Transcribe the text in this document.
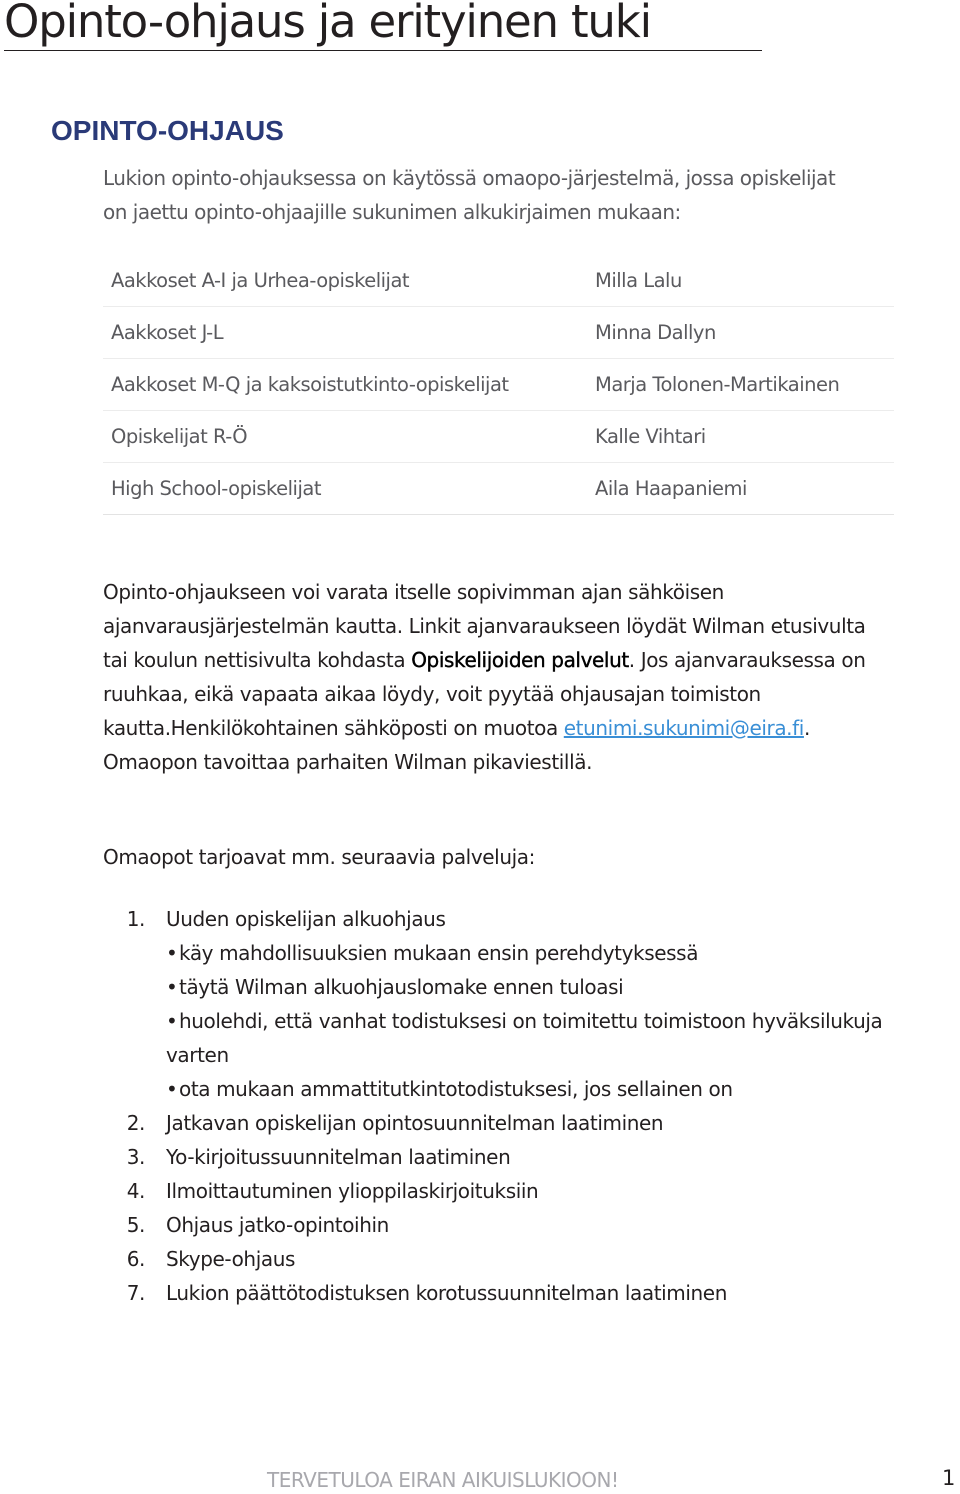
Opinto-ohjaus ja erityinen tuki
OPINTO-OHJAUS

Lukion opinto-ohjauksessa on käytössä omaopo-järjestelmä, jossa opiskelijat on jaettu opinto-ohjaajille sukunimen alkukirjaimen mukaan:

Aakkoset A-I ja Urhea-opiskelijat	Milla Lalu
Aakkoset J-L	Minna Dallyn
Aakkoset M-Q ja kaksoistutkinto-opiskelijat	Marja Tolonen-Martikainen
Opiskelijat R-Ö	Kalle Vihtari
High School-opiskelijat	Aila Haapaniemi

Opinto-ohjaukseen voi varata itselle sopivimman ajan sähköisen ajanvarausjärjestelmän kautta. Linkit ajanvaraukseen löydät Wilman etusivulta tai koulun nettisivulta kohdasta Opiskelijoiden palvelut. Jos ajanvarauksessa on ruuhkaa, eikä vapaata aikaa löydy, voit pyytää ohjausajan toimiston kautta.Henkilökohtainen sähköposti on muotoa etunimi.sukunimi@eira.fi. Omaopon tavoittaa parhaiten Wilman pikaviestillä.

Omaopot tarjoavat mm. seuraavia palveluja:

1. Uuden opiskelijan alkuohjaus
•käy mahdollisuuksien mukaan ensin perehdytyksessä
•täytä Wilman alkuohjauslomake ennen tuloasi
•huolehdi, että vanhat todistuksesi on toimitettu toimistoon hyväksilukuja varten
•ota mukaan ammattitutkintotodistuksesi, jos sellainen on
2. Jatkavan opiskelijan opintosuunnitelman laatiminen
3. Yo-kirjoitussuunnitelman laatiminen
4. Ilmoittautuminen ylioppilaskirjoituksiin
5. Ohjaus jatko-opintoihin
6. Skype-ohjaus
7. Lukion päättötodistuksen korotussuunnitelman laatiminen

TERVETULOA EIRAN AIKUISLUKIOON!	1
